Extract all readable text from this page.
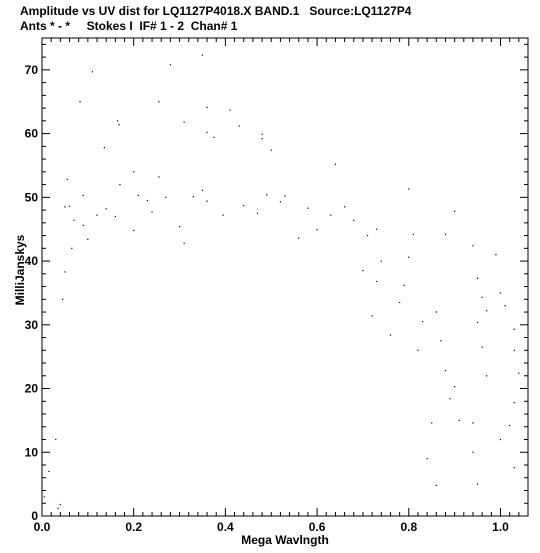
Amplitude vs UV dist for LQ1127P4018.X BAND.1   Source:LQ1127P4
Ants * - *     Stokes I  IF# 1 - 2  Chan# 1
0.0	0.2	0.4	0.6	0.8	1.0
0
10
20
30
40
50
60
70
Mega Wavlngth
MilliJanskys
